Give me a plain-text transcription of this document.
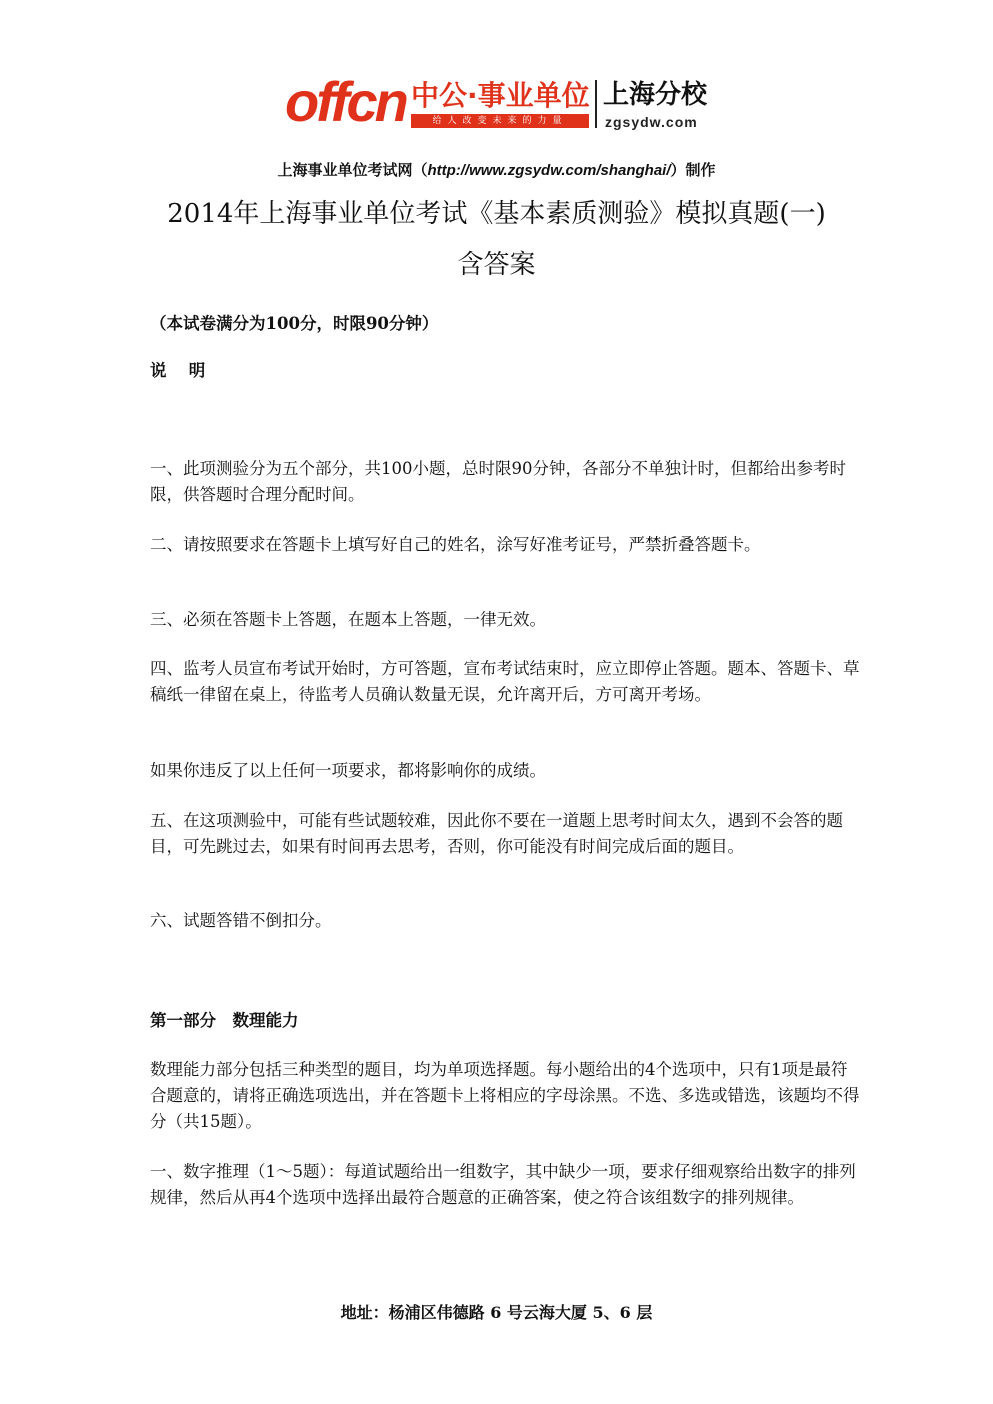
offcn 中公·事业单位
给人改变未来的力量
上海分校
zgsydw.com
上海事业单位考试网（http://www.zgsydw.com/shanghai/）制作
2014年上海事业单位考试《基本素质测验》模拟真题(一)
含答案
（本试卷满分为100分，时限90分钟）
说　 明
一、此项测验分为五个部分，共100小题，总时限90分钟，各部分不单独计时，但都给出参考时限，供答题时合理分配时间。
二、请按照要求在答题卡上填写好自己的姓名，涂写好准考证号，严禁折叠答题卡。
三、必须在答题卡上答题，在题本上答题，一律无效。
四、监考人员宣布考试开始时，方可答题，宣布考试结束时，应立即停止答题。题本、答题卡、草稿纸一律留在桌上，待监考人员确认数量无误，允许离开后，方可离开考场。
如果你违反了以上任何一项要求，都将影响你的成绩。
五、在这项测验中，可能有些试题较难，因此你不要在一道题上思考时间太久，遇到不会答的题目，可先跳过去，如果有时间再去思考，否则，你可能没有时间完成后面的题目。
六、试题答错不倒扣分。
第一部分　数理能力
数理能力部分包括三种类型的题目，均为单项选择题。每小题给出的4个选项中，只有1项是最符合题意的，请将正确选项选出，并在答题卡上将相应的字母涂黑。不选、多选或错选，该题均不得分（共15题）。
一、数字推理（1～5题）：每道试题给出一组数字，其中缺少一项，要求仔细观察给出数字的排列规律，然后从再4个选项中选择出最符合题意的正确答案，使之符合该组数字的排列规律。
地址：杨浦区伟德路 6 号云海大厦 5、6 层
